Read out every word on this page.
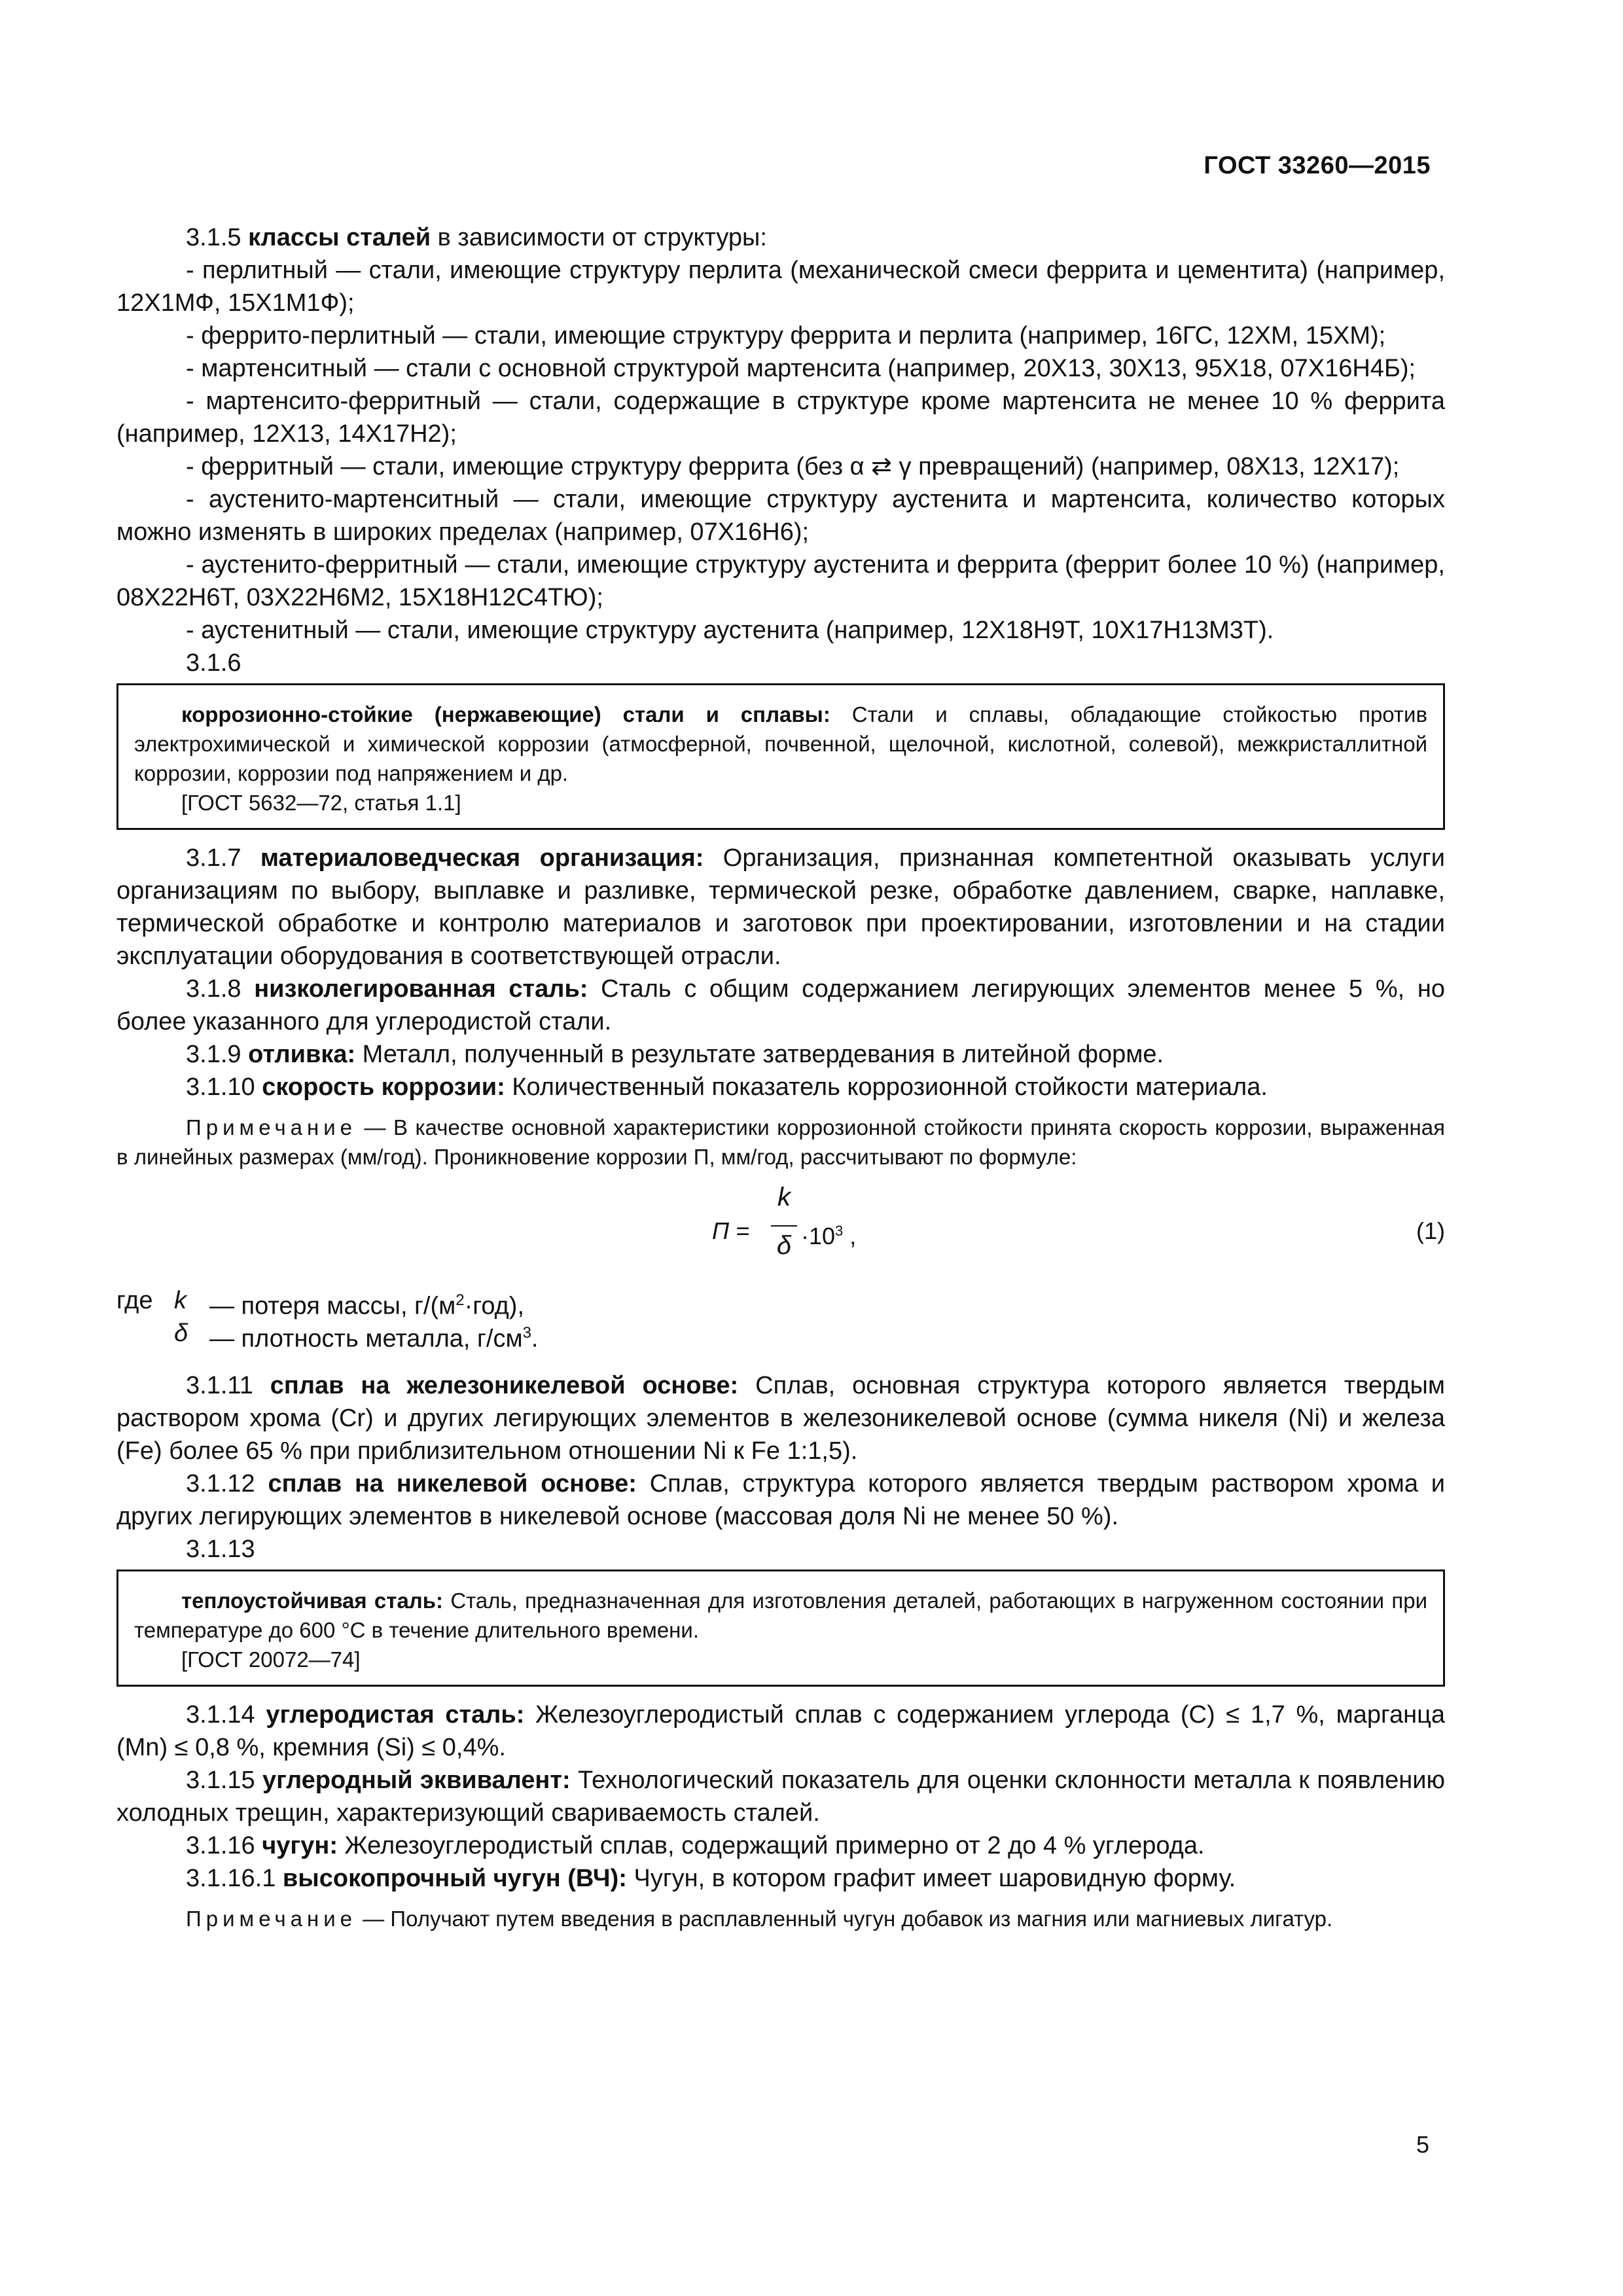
ГОСТ 33260—2015

3.1.5 классы сталей в зависимости от структуры:

- перлитный — стали, имеющие структуру перлита (механической смеси феррита и цементита) (например, 12Х1МФ, 15Х1М1Ф);

- феррито-перлитный — стали, имеющие структуру феррита и перлита (например, 16ГС, 12ХМ, 15ХМ);

- мартенситный — стали с основной структурой мартенсита (например, 20Х13, 30Х13, 95Х18, 07Х16Н4Б);

- мартенсито-ферритный — стали, содержащие в структуре кроме мартенсита не менее 10 % феррита (например, 12Х13, 14Х17Н2);

- ферритный — стали, имеющие структуру феррита (без α ⇄ γ превращений) (например, 08Х13, 12Х17);

- аустенито-мартенситный — стали, имеющие структуру аустенита и мартенсита, количество которых можно изменять в широких пределах (например, 07Х16Н6);

- аустенито-ферритный — стали, имеющие структуру аустенита и феррита (феррит более 10 %) (например, 08Х22Н6Т, 03Х22Н6М2, 15Х18Н12С4ТЮ);

- аустенитный — стали, имеющие структуру аустенита (например, 12Х18Н9Т, 10Х17Н13М3Т).

3.1.6

коррозионно-стойкие (нержавеющие) стали и сплавы: Стали и сплавы, обладающие стойкостью против электрохимической и химической коррозии (атмосферной, почвенной, щелочной, кислотной, солевой), межкристаллитной коррозии, коррозии под напряжением и др.

[ГОСТ 5632—72, статья 1.1]

3.1.7 материаловедческая организация: Организация, признанная компетентной оказывать услуги организациям по выбору, выплавке и разливке, термической резке, обработке давлением, сварке, наплавке, термической обработке и контролю материалов и заготовок при проектировании, изготовлении и на стадии эксплуатации оборудования в соответствующей отрасли.

3.1.8 низколегированная сталь: Сталь с общим содержанием легирующих элементов менее 5 %, но более указанного для углеродистой стали.

3.1.9 отливка: Металл, полученный в результате затвердевания в литейной форме.

3.1.10 скорость коррозии: Количественный показатель коррозионной стойкости материала.

Примечание — В качестве основной характеристики коррозионной стойкости принята скорость коррозии, выраженная в линейных размерах (мм/год). Проникновение коррозии П, мм/год, рассчитывают по формуле:

П =
k
$\delta \cdot 10^3$ ,	(1)
где k — потеря массы, $г/(м^2\cdot год)$,
δ — плотность металла, $г/см^3$.

3.1.11 сплав на железоникелевой основе: Сплав, основная структура которого является твердым раствором хрома (Cr) и других легирующих элементов в железоникелевой основе (сумма никеля (Ni) и железа (Fe) более 65 % при приблизительном отношении Ni к Fe 1:1,5).

3.1.12 сплав на никелевой основе: Сплав, структура которого является твердым раствором хрома и других легирующих элементов в никелевой основе (массовая доля Ni не менее 50 %).

3.1.13

теплоустойчивая сталь: Сталь, предназначенная для изготовления деталей, работающих в нагруженном состоянии при температуре до 600 °С в течение длительного времени.

[ГОСТ 20072—74]

3.1.14 углеродистая сталь: Железоуглеродистый сплав с содержанием углерода (С) ≤ 1,7 %, марганца (Mn) ≤ 0,8 %, кремния (Si) ≤ 0,4%.

3.1.15 углеродный эквивалент: Технологический показатель для оценки склонности металла к появлению холодных трещин, характеризующий свариваемость сталей.

3.1.16 чугун: Железоуглеродистый сплав, содержащий примерно от 2 до 4 % углерода.

3.1.16.1 высокопрочный чугун (ВЧ): Чугун, в котором графит имеет шаровидную форму.

Примечание — Получают путем введения в расплавленный чугун добавок из магния или магниевых лигатур.

5
